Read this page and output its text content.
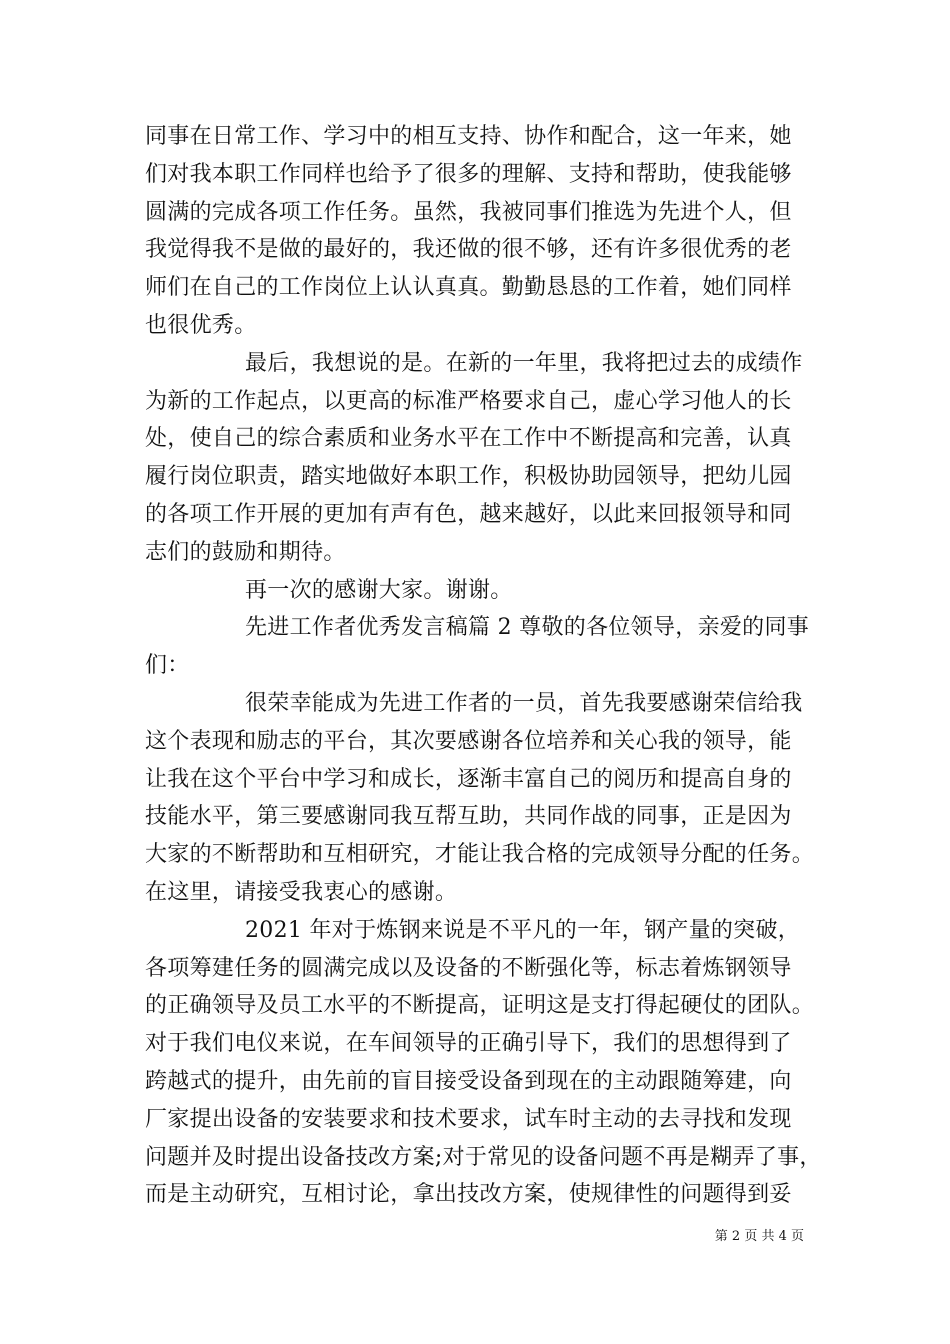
同事在日常工作、学习中的相互支持、协作和配合，这一年来，她
们对我本职工作同样也给予了很多的理解、支持和帮助，使我能够
圆满的完成各项工作任务。虽然，我被同事们推选为先进个人，但
我觉得我不是做的最好的，我还做的很不够，还有许多很优秀的老
师们在自己的工作岗位上认认真真。勤勤恳恳的工作着，她们同样
也很优秀。
最后，我想说的是。在新的一年里，我将把过去的成绩作
为新的工作起点，以更高的标准严格要求自己，虚心学习他人的长
处，使自己的综合素质和业务水平在工作中不断提高和完善，认真
履行岗位职责，踏实地做好本职工作，积极协助园领导，把幼儿园
的各项工作开展的更加有声有色，越来越好，以此来回报领导和同
志们的鼓励和期待。
再一次的感谢大家。谢谢。
先进工作者优秀发言稿篇 2 尊敬的各位领导，亲爱的同事
们：
很荣幸能成为先进工作者的一员，首先我要感谢荣信给我
这个表现和励志的平台，其次要感谢各位培养和关心我的领导，能
让我在这个平台中学习和成长，逐渐丰富自己的阅历和提高自身的
技能水平，第三要感谢同我互帮互助，共同作战的同事，正是因为
大家的不断帮助和互相研究，才能让我合格的完成领导分配的任务。
在这里，请接受我衷心的感谢。
2021 年对于炼钢来说是不平凡的一年，钢产量的突破，
各项筹建任务的圆满完成以及设备的不断强化等，标志着炼钢领导
的正确领导及员工水平的不断提高，证明这是支打得起硬仗的团队。
对于我们电仪来说，在车间领导的正确引导下，我们的思想得到了
跨越式的提升，由先前的盲目接受设备到现在的主动跟随筹建，向
厂家提出设备的安装要求和技术要求，试车时主动的去寻找和发现
问题并及时提出设备技改方案;对于常见的设备问题不再是糊弄了事，
而是主动研究，互相讨论，拿出技改方案，使规律性的问题得到妥
第 2 页 共 4 页
